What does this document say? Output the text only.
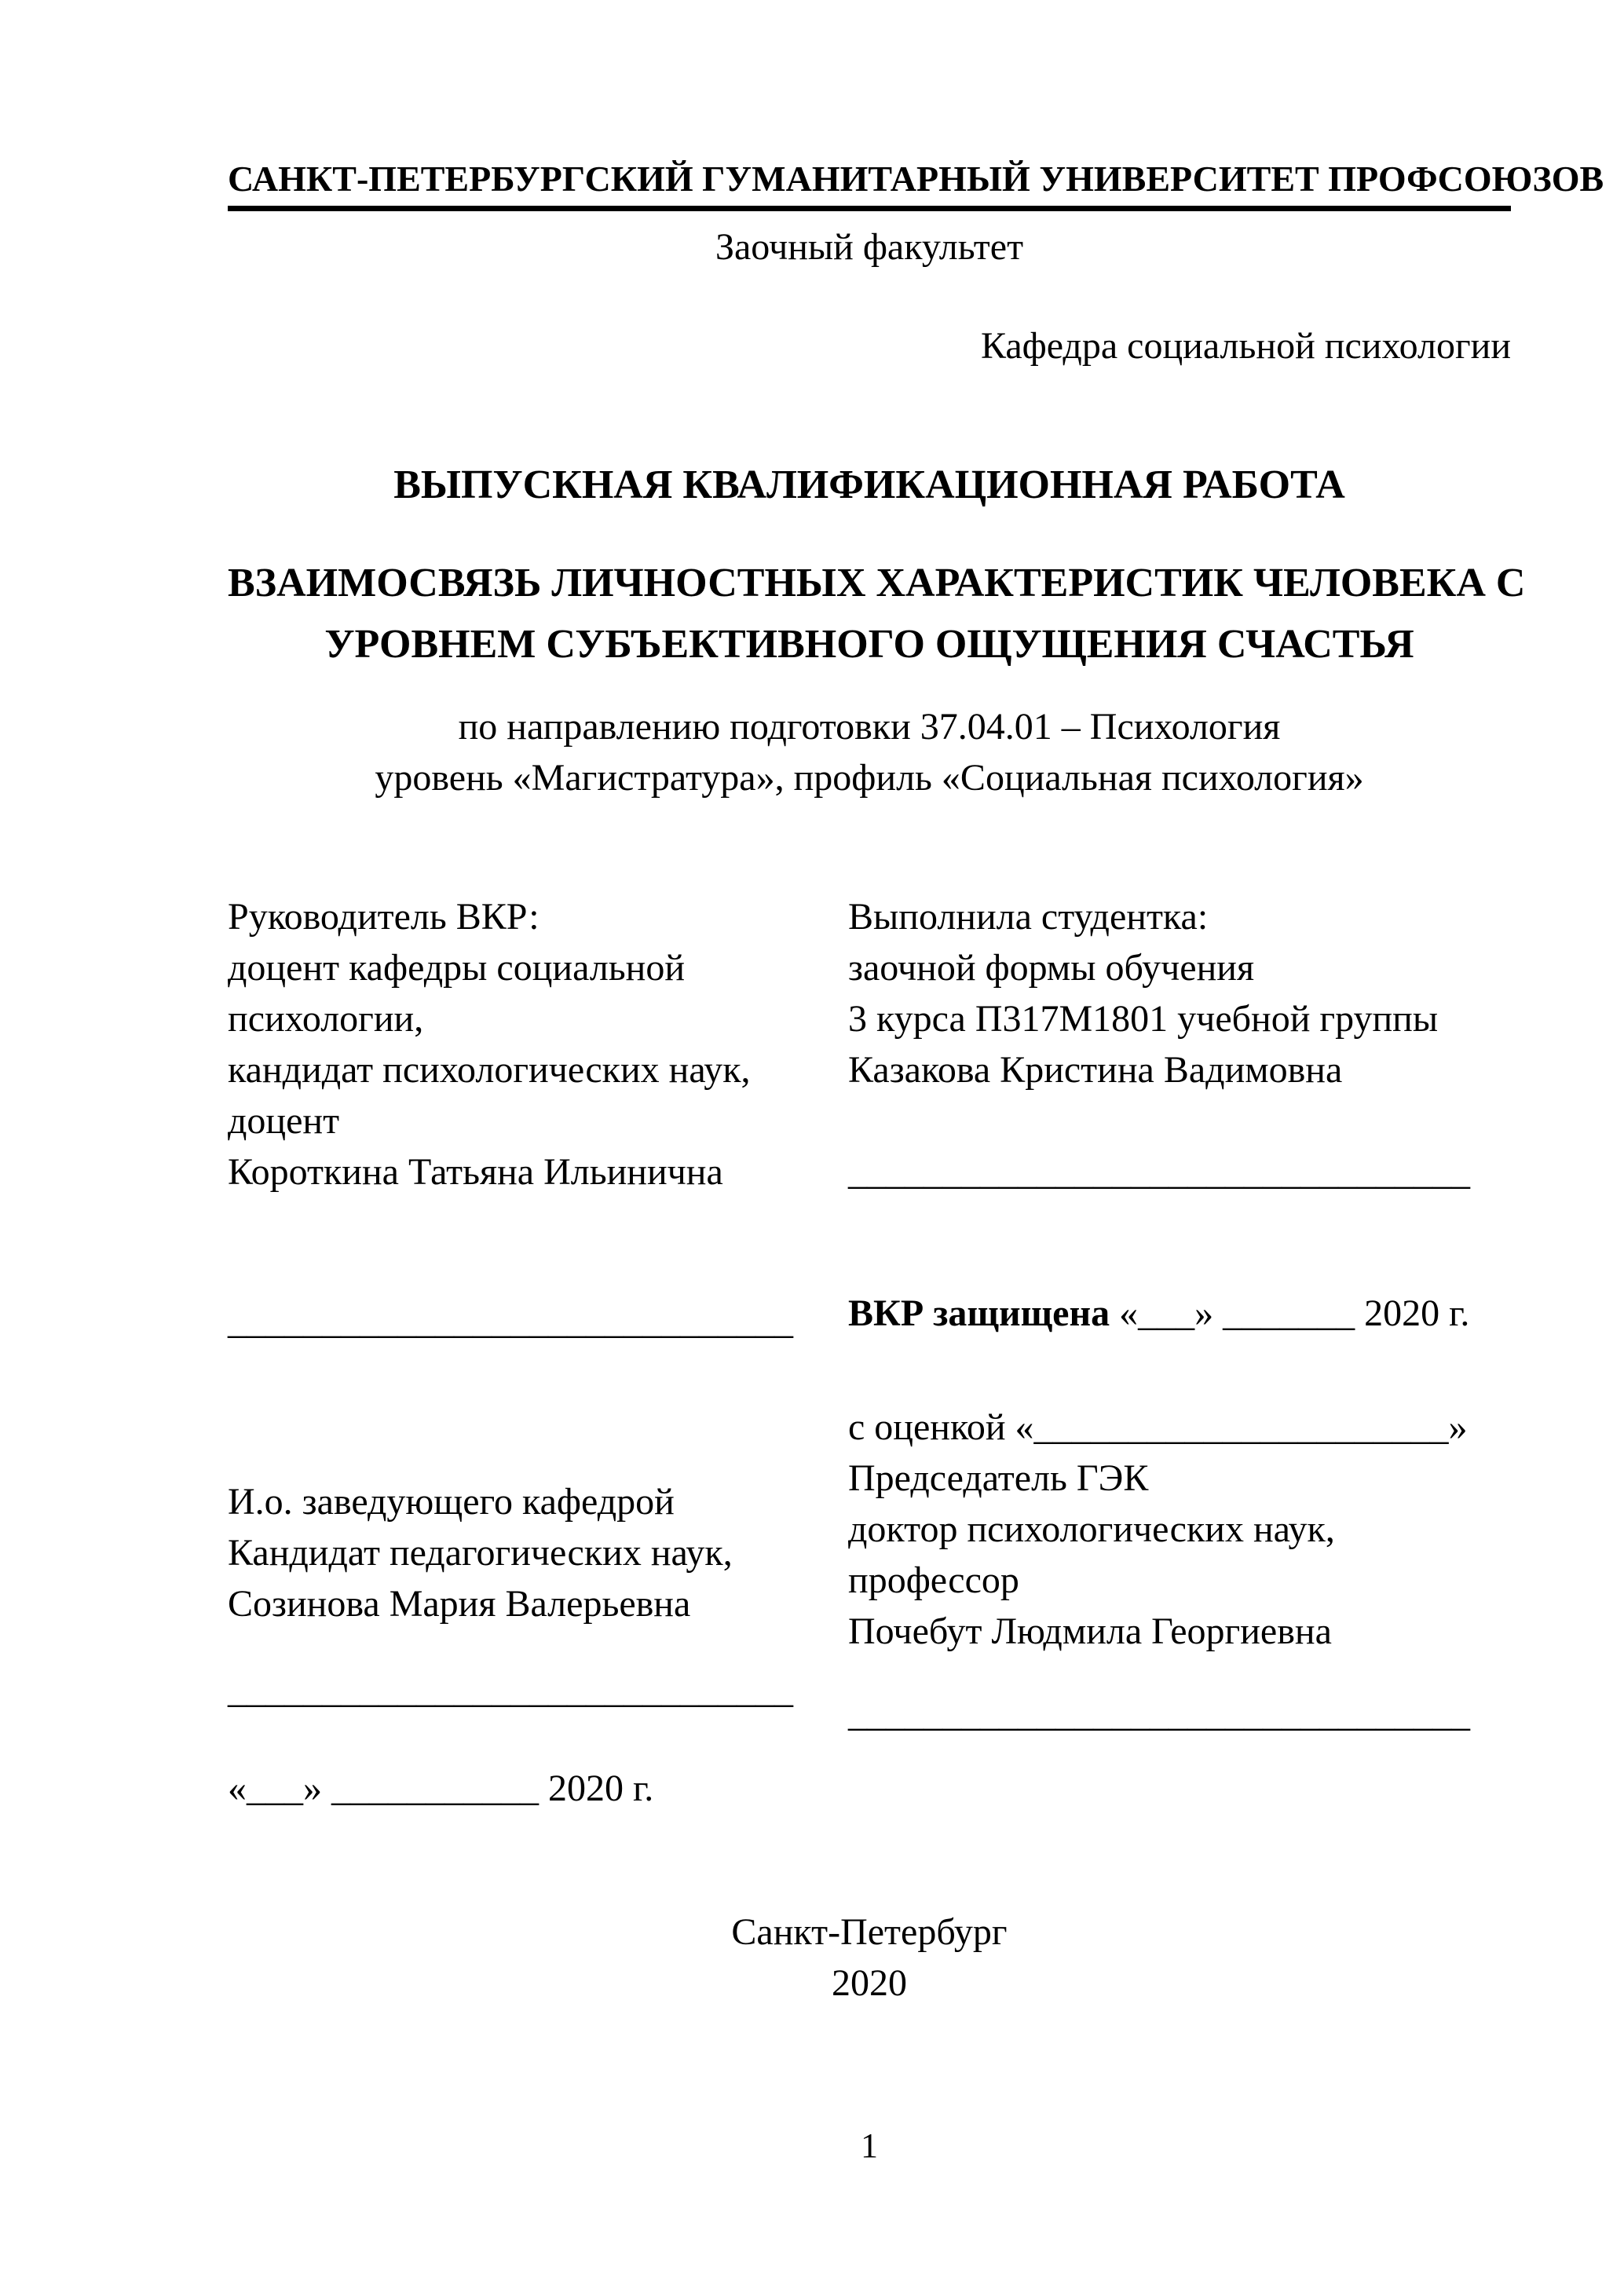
САНКТ-ПЕТЕРБУРГСКИЙ ГУМАНИТАРНЫЙ УНИВЕРСИТЕТ ПРОФСОЮЗОВ
Заочный факультет
Кафедра социальной психологии
ВЫПУСКНАЯ КВАЛИФИКАЦИОННАЯ РАБОТА
ВЗАИМОСВЯЗЬ ЛИЧНОСТНЫХ ХАРАКТЕРИСТИК ЧЕЛОВЕКА С
УРОВНЕМ СУБЪЕКТИВНОГО ОЩУЩЕНИЯ СЧАСТЬЯ
по направлению подготовки 37.04.01 – Психология
уровень «Магистратура», профиль «Социальная психология»
Руководитель ВКР:
доцент кафедры социальной
психологии,
кандидат психологических наук,
доцент
Короткина Татьяна Ильинична
Выполнила студентка:
заочной формы обучения
3 курса П317М1801 учебной группы
Казакова Кристина Вадимовна
_________________________________
______________________________	ВКР защищена «___» _______ 2020 г.
с оценкой «______________________»
Председатель ГЭК
доктор психологических наук,
профессор
Почебут Людмила Георгиевна
И.о. заведующего кафедрой
Кандидат педагогических наук,
Созинова Мария Валерьевна
______________________________
_________________________________
«___» ___________ 2020 г.
Санкт-Петербург
2020
1
